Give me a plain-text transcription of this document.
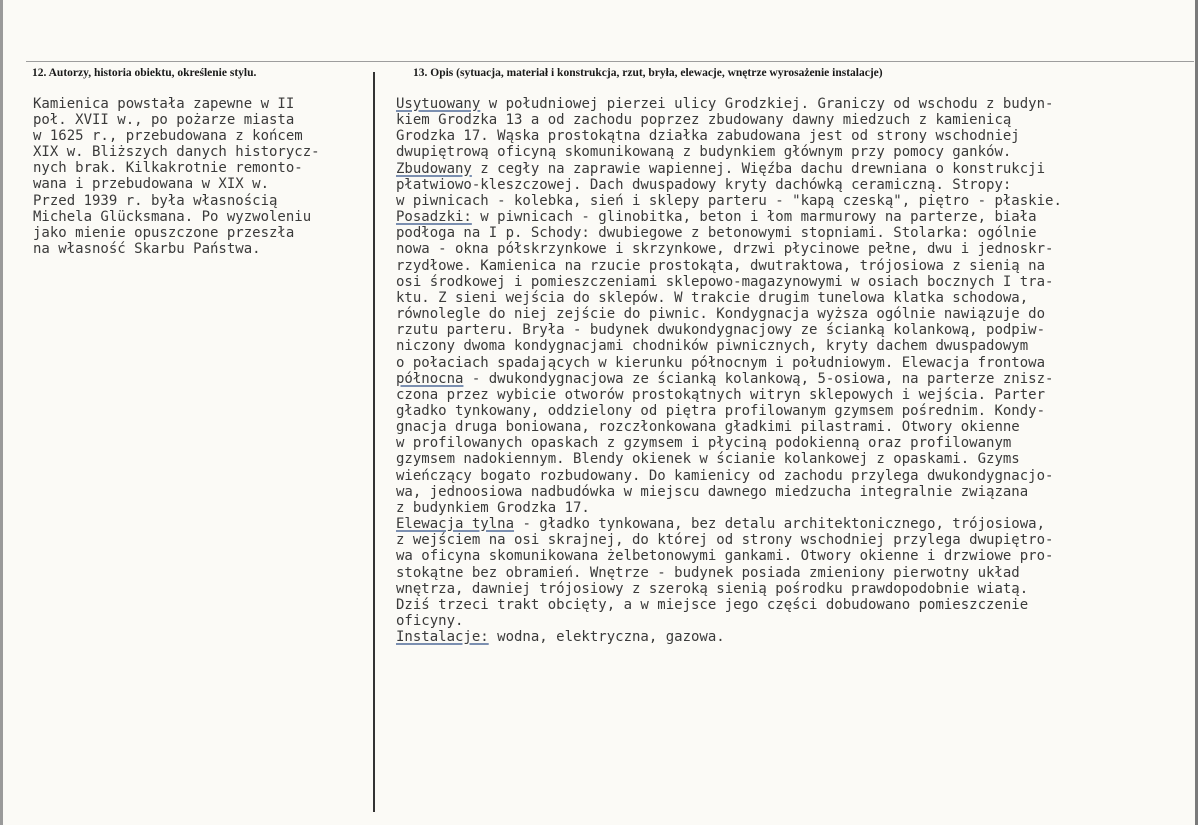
12. Autorzy, historia obiektu, określenie stylu.	13. Opis (sytuacja, materiał i konstrukcja, rzut, bryła, elewacje, wnętrze wyrosażenie instalacje)
Kamienica powstała zapewne w II
poł. XVII w., po pożarze miasta
w 1625 r., przebudowana z końcem
XIX w. Bliższych danych historycz-
nych brak. Kilkakrotnie remonto-
wana i przebudowana w XIX w.
Przed 1939 r. była własnością
Michela Glücksmana. Po wyzwoleniu
jako mienie opuszczone przeszła
na własność Skarbu Państwa.
Usytuowany w południowej pierzei ulicy Grodzkiej. Graniczy od wschodu z budyn-
kiem Grodzka 13 a od zachodu poprzez zbudowany dawny miedzuch z kamienicą
Grodzka 17. Wąska prostokątna działka zabudowana jest od strony wschodniej
dwupiętrową oficyną skomunikowaną z budynkiem głównym przy pomocy ganków.
Zbudowany z cegły na zaprawie wapiennej. Więźba dachu drewniana o konstrukcji
płatwiowo-kleszczowej. Dach dwuspadowy kryty dachówką ceramiczną. Stropy:
w piwnicach - kolebka, sień i sklepy parteru - "kapą czeską", piętro - płaskie.
Posadzki: w piwnicach - glinobitka, beton i łom marmurowy na parterze, biała
podłoga na I p. Schody: dwubiegowe z betonowymi stopniami. Stolarka: ogólnie
nowa - okna półskrzynkowe i skrzynkowe, drzwi płycinowe pełne, dwu i jednoskr-
rzydłowe. Kamienica na rzucie prostokąta, dwutraktowa, trójosiowa z sienią na
osi środkowej i pomieszczeniami sklepowo-magazynowymi w osiach bocznych I tra-
ktu. Z sieni wejścia do sklepów. W trakcie drugim tunelowa klatka schodowa,
równolegle do niej zejście do piwnic. Kondygnacja wyższa ogólnie nawiązuje do
rzutu parteru. Bryła - budynek dwukondygnacjowy ze ścianką kolankową, podpiw-
niczony dwoma kondygnacjami chodników piwnicznych, kryty dachem dwuspadowym
o połaciach spadających w kierunku północnym i południowym. Elewacja frontowa
północna - dwukondygnacjowa ze ścianką kolankową, 5-osiowa, na parterze znisz-
czona przez wybicie otworów prostokątnych witryn sklepowych i wejścia. Parter
gładko tynkowany, oddzielony od piętra profilowanym gzymsem pośrednim. Kondy-
gnacja druga boniowana, rozczłonkowana gładkimi pilastrami. Otwory okienne
w profilowanych opaskach z gzymsem i płyciną podokienną oraz profilowanym
gzymsem nadokiennym. Blendy okienek w ścianie kolankowej z opaskami. Gzyms
wieńczący bogato rozbudowany. Do kamienicy od zachodu przylega dwukondygnacjo-
wa, jednoosiowa nadbudówka w miejscu dawnego miedzucha integralnie związana
z budynkiem Grodzka 17.
Elewacja tylna - gładko tynkowana, bez detalu architektonicznego, trójosiowa,
z wejściem na osi skrajnej, do której od strony wschodniej przylega dwupiętro-
wa oficyna skomunikowana żelbetonowymi gankami. Otwory okienne i drzwiowe pro-
stokątne bez obramień. Wnętrze - budynek posiada zmieniony pierwotny układ
wnętrza, dawniej trójosiowy z szeroką sienią pośrodku prawdopodobnie wiatą.
Dziś trzeci trakt obcięty, a w miejsce jego części dobudowano pomieszczenie
oficyny.
Instalacje: wodna, elektryczna, gazowa.
